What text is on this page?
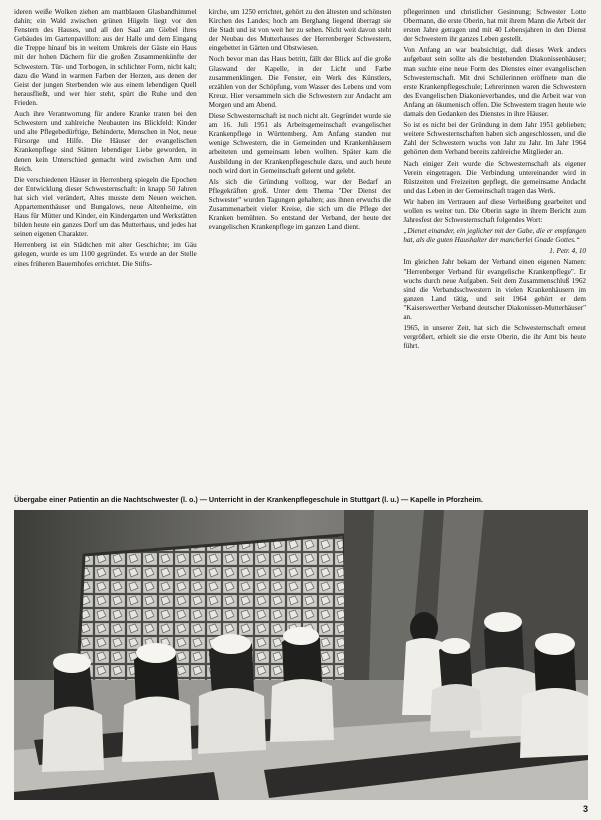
ideren weiße Wolken ziehen am mattblauen Glasbandhimmel dahin; ein Wald zwischen grünen Hügeln liegt vor den Fenstern des Hauses, und all den Saal am Giebel ihres Gebäudes im Gartenpavillon: aus der Halle und dem Eingang die Treppe hinauf bis in weitem Umkreis der Gäste ein Haus mit der hohen Dächern für die großen Zusammenkünfte der Schwestern. Tür- und Torbogen, in schlichter Form, nicht kalt; dazu die Wand in warmen Farben der Herzen, aus denen der Geist der jungen Sterbenden wie aus einem lebendigen Quell herausfließt, und wer hier steht, spürt die Ruhe und den Frieden.

Auch ihre Verantwortung für andere Kranke traten bei den Schwestern und zahlreiche Neubauten ins Blickfeld: Kinder und alte Pflegebedürftige, Behinderte, Menschen in Not, neue Fürsorge und Hilfe. Die Häuser der evangelischen Krankenpflege sind Stätten lebendiger Liebe geworden, in denen kein Unterschied gemacht wird zwischen Arm und Reich.

Die verschiedenen Häuser in Herrenberg spiegeln die Epochen der Entwicklung dieser Schwesternschaft: in knapp 50 Jahren hat sich viel verändert, Altes musste dem Neuen weichen. Appartementhäuser und Bungalows, neue Altenheime, ein Haus für Mütter und Kinder, ein Kindergarten und Werkstätten bilden heute ein ganzes Dorf um das Mutterhaus, und jedes hat seinen eigenen Charakter.

Herrenberg ist ein Städtchen mit alter Geschichte; im Gäu gelegen, wurde es um 1100 gegründet. Es wurde an der Stelle eines früheren Bauernhofes errichtet. Die Stifts-

kirche, um 1250 errichtet, gehört zu den ältesten und schönsten Kirchen des Landes; hoch am Berghang liegend überragt sie die Stadt und ist von weit her zu sehen. Nicht weit davon steht der Neubau des Mutterhauses der Herrenberger Schwestern, eingebettet in Gärten und Obstwiesen.

Noch bevor man das Haus betritt, fällt der Blick auf die große Glaswand der Kapelle, in der Licht und Farbe zusammenklingen. Die Fenster, ein Werk des Künstlers, erzählen von der Schöpfung, vom Wasser des Lebens und vom Kreuz. Hier versammeln sich die Schwestern zur Andacht am Morgen und am Abend.

Diese Schwesternschaft ist noch nicht alt. Gegründet wurde sie am 16. Juli 1951 als Arbeitsgemeinschaft evangelischer Krankenpflege in Württemberg. Am Anfang standen nur wenige Schwestern, die in Gemeinden und Krankenhäusern arbeiteten und gemeinsam leben wollten. Später kam die Ausbildung in der Krankenpflegeschule dazu, und auch heute noch wird dort in Gemeinschaft gelernt und gelebt.

Als sich die Gründung vollzog, war der Bedarf an Pflegekräften groß. Unter dem Thema "Der Dienst der Schwester" wurden Tagungen gehalten; aus ihnen erwuchs die Zusammenarbeit vieler Kreise, die sich um die Pflege der Kranken bemühten. So entstand der Verband, der heute der evangelischen Krankenpflege im ganzen Land dient.

pflegerinnen und christlicher Gesinnung; Schwester Lotte Obermann, die erste Oberin, hat mit ihrem Mann die Arbeit der ersten Jahre getragen und mit 40 Lebensjahren in den Dienst der Schwestern ihr ganzes Leben gestellt.

Von Anfang an war beabsichtigt, daß dieses Werk anders aufgebaut sein sollte als die bestehenden Diakonissenhäuser; man suchte eine neue Form des Dienstes einer evangelischen Schwesternschaft. Mit drei Schülerinnen eröffnete man die erste Krankenpflegeschule; Lehrerinnen waren die Schwestern des Evangelischen Diakonieverbandes, und die Arbeit war von Anfang an ökumenisch offen. Die Schwestern tragen heute wie damals den Gedanken des Dienstes in ihre Häuser.

So ist es nicht bei der Gründung in dem Jahr 1951 geblieben; weitere Schwesternschaften haben sich angeschlossen, und die Zahl der Schwestern wuchs von Jahr zu Jahr. Im Jahr 1964 gehörten dem Verband bereits zahlreiche Mitglieder an.

Nach einiger Zeit wurde die Schwesternschaft als eigener Verein eingetragen. Die Verbindung untereinander wird in Rüstzeiten und Freizeiten gepflegt, die gemeinsame Andacht und das Leben in der Gemeinschaft tragen das Werk.

Wir haben im Vertrauen auf diese Verheißung gearbeitet und wollen es weiter tun. Die Oberin sagte in ihrem Bericht zum Jahresfest der Schwesternschaft folgendes Wort:

„Dienet einander, ein jeglicher mit der Gabe, die er empfangen hat, als die guten Haushalter der mancherlei Gnade Gottes.“

1. Petr. 4, 10

Im gleichen Jahr bekam der Verband einen eigenen Namen: "Herrenberger Verband für evangelische Krankenpflege". Er wuchs durch neue Aufgaben. Seit dem Zusammenschluß 1962 sind die Verbandsschwestern in vielen Krankenhäusern im ganzen Land tätig, und seit 1964 gehört er dem "Kaiserswerther Verband deutscher Diakonissen-Mutterhäuser" an.

1965, in unserer Zeit, hat sich die Schwesternschaft erneut vergrößert, erhielt sie die erste Oberin, die ihr Amt bis heute führt.

Übergabe einer Patientin an die Nachtschwester (l. o.) — Unterricht in der Krankenpflegeschule in Stuttgart (l. u.) — Kapelle in Pforzheim.
3
